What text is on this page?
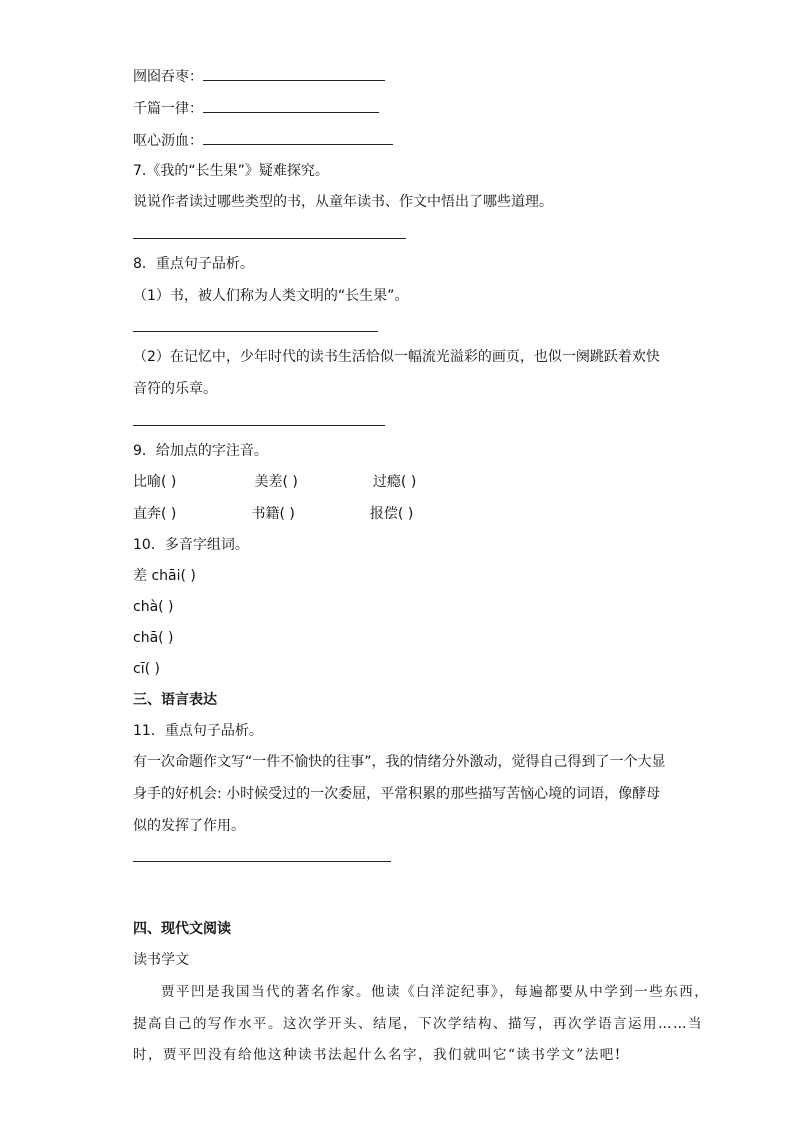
囫囵吞枣：
千篇一律：
呕心沥血：
7.《我的“长生果”》疑难探究。
说说作者读过哪些类型的书，从童年读书、作文中悟出了哪些道理。
8．重点句子品析。
（1）书，被人们称为人类文明的“长生果”。
（2）在记忆中，少年时代的读书生活恰似一幅流光溢彩的画页，也似一阕跳跃着欢快
音符的乐章。
9．给加点的字注音。
比喻( )	美差( )	过瘾( )
直奔( )	书籍( )	报偿( )
10．多音字组词。
差 chāi( )
chà( )
chā( )
cī( )
三、语言表达
11．重点句子品析。
有一次命题作文写“一件不愉快的往事”，我的情绪分外激动，觉得自己得到了一个大显
身手的好机会: 小时候受过的一次委屈，平常积累的那些描写苦恼心境的词语，像酵母
似的发挥了作用。
四、现代文阅读
读书学文
贾平凹是我国当代的著名作家。他读《白洋淀纪事》，每遍都要从中学到一些东西，
提高自己的写作水平。这次学开头、结尾，下次学结构、描写，再次学语言运用……当
时，贾平凹没有给他这种读书法起什么名字，我们就叫它“读书学文”法吧!
